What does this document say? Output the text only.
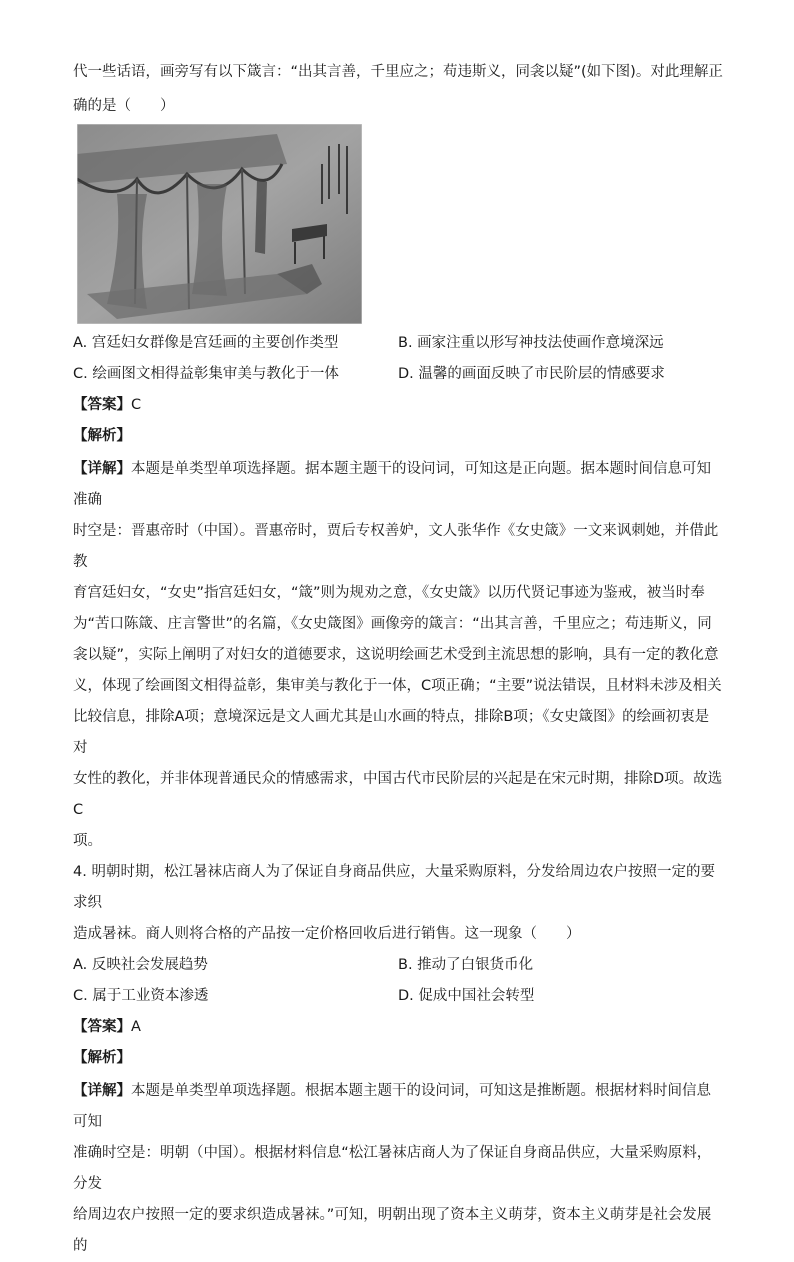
代一些话语，画旁写有以下箴言：“出其言善，千里应之；苟违斯义，同衾以疑”(如下图)。对此理解正

确的是（　　）

A. 宫廷妇女群像是宫廷画的主要创作类型	B. 画家注重以形写神技法使画作意境深远
C. 绘画图文相得益彰集审美与教化于一体	D. 温馨的画面反映了市民阶层的情感要求

【答案】C

【解析】

【详解】本题是单类型单项选择题。据本题主题干的设问词，可知这是正向题。据本题时间信息可知准确

时空是：晋惠帝时（中国）。晋惠帝时，贾后专权善妒，文人张华作《女史箴》一文来讽刺她，并借此教

育宫廷妇女，“女史”指宫廷妇女，“箴”则为规劝之意，《女史箴》以历代贤记事迹为鉴戒，被当时奉

为“苦口陈箴、庄言警世”的名篇，《女史箴图》画像旁的箴言：“出其言善，千里应之；苟违斯义，同

衾以疑”，实际上阐明了对妇女的道德要求，这说明绘画艺术受到主流思想的影响，具有一定的教化意

义，体现了绘画图文相得益彰，集审美与教化于一体，C项正确；“主要”说法错误，且材料未涉及相关

比较信息，排除A项；意境深远是文人画尤其是山水画的特点，排除B项；《女史箴图》的绘画初衷是对

女性的教化，并非体现普通民众的情感需求，中国古代市民阶层的兴起是在宋元时期，排除D项。故选C

项。

4. 明朝时期，松江暑袜店商人为了保证自身商品供应，大量采购原料，分发给周边农户按照一定的要求织

造成暑袜。商人则将合格的产品按一定价格回收后进行销售。这一现象（　　）

A. 反映社会发展趋势	B. 推动了白银货币化
C. 属于工业资本渗透	D. 促成中国社会转型

【答案】A

【解析】

【详解】本题是单类型单项选择题。根据本题主题干的设问词，可知这是推断题。根据材料时间信息可知

准确时空是：明朝（中国）。根据材料信息“松江暑袜店商人为了保证自身商品供应，大量采购原料，分发

给周边农户按照一定的要求织造成暑袜。”可知，明朝出现了资本主义萌芽，资本主义萌芽是社会发展的
